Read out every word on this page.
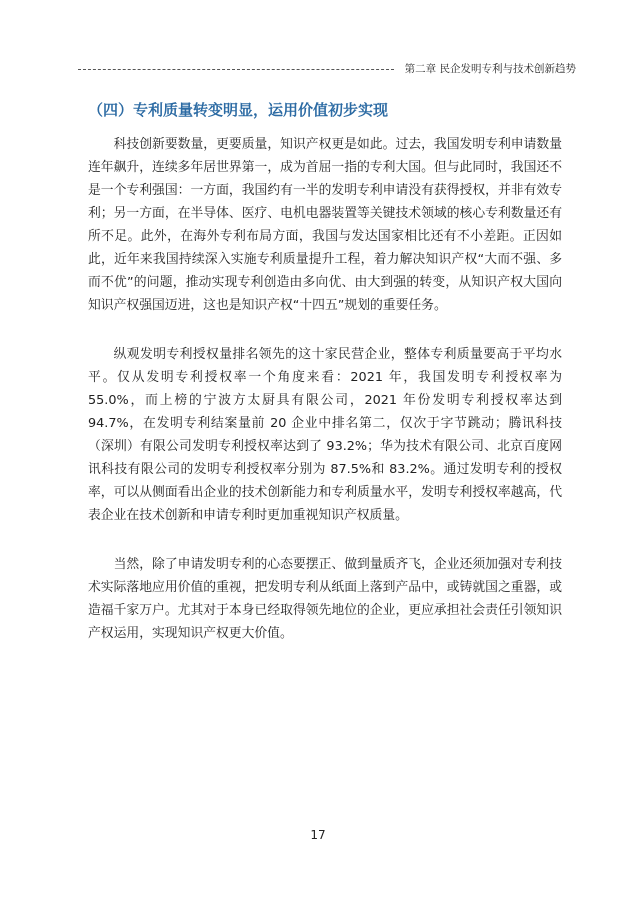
第二章 民企发明专利与技术创新趋势
（四）专利质量转变明显，运用价值初步实现

科技创新要数量，更要质量，知识产权更是如此。过去，我国发明专利申请数量连年飙升，连续多年居世界第一，成为首屈一指的专利大国。但与此同时，我国还不是一个专利强国：一方面，我国约有一半的发明专利申请没有获得授权，并非有效专利；另一方面，在半导体、医疗、电机电器装置等关键技术领域的核心专利数量还有所不足。此外，在海外专利布局方面，我国与发达国家相比还有不小差距。正因如此，近年来我国持续深入实施专利质量提升工程，着力解决知识产权“大而不强、多而不优”的问题，推动实现专利创造由多向优、由大到强的转变，从知识产权大国向知识产权强国迈进，这也是知识产权“十四五”规划的重要任务。

纵观发明专利授权量排名领先的这十家民营企业，整体专利质量要高于平均水平。仅从发明专利授权率一个角度来看：2021 年，我国发明专利授权率为 55.0%，而上榜的宁波方太厨具有限公司，2021 年份发明专利授权率达到 94.7%，在发明专利结案量前 20 企业中排名第二，仅次于字节跳动；腾讯科技（深圳）有限公司发明专利授权率达到了 93.2%；华为技术有限公司、北京百度网讯科技有限公司的发明专利授权率分别为 87.5%和 83.2%。通过发明专利的授权率，可以从侧面看出企业的技术创新能力和专利质量水平，发明专利授权率越高，代表企业在技术创新和申请专利时更加重视知识产权质量。

当然，除了申请发明专利的心态要摆正、做到量质齐飞，企业还须加强对专利技术实际落地应用价值的重视，把发明专利从纸面上落到产品中，或铸就国之重器，或造福千家万户。尤其对于本身已经取得领先地位的企业，更应承担社会责任引领知识产权运用，实现知识产权更大价值。

17
